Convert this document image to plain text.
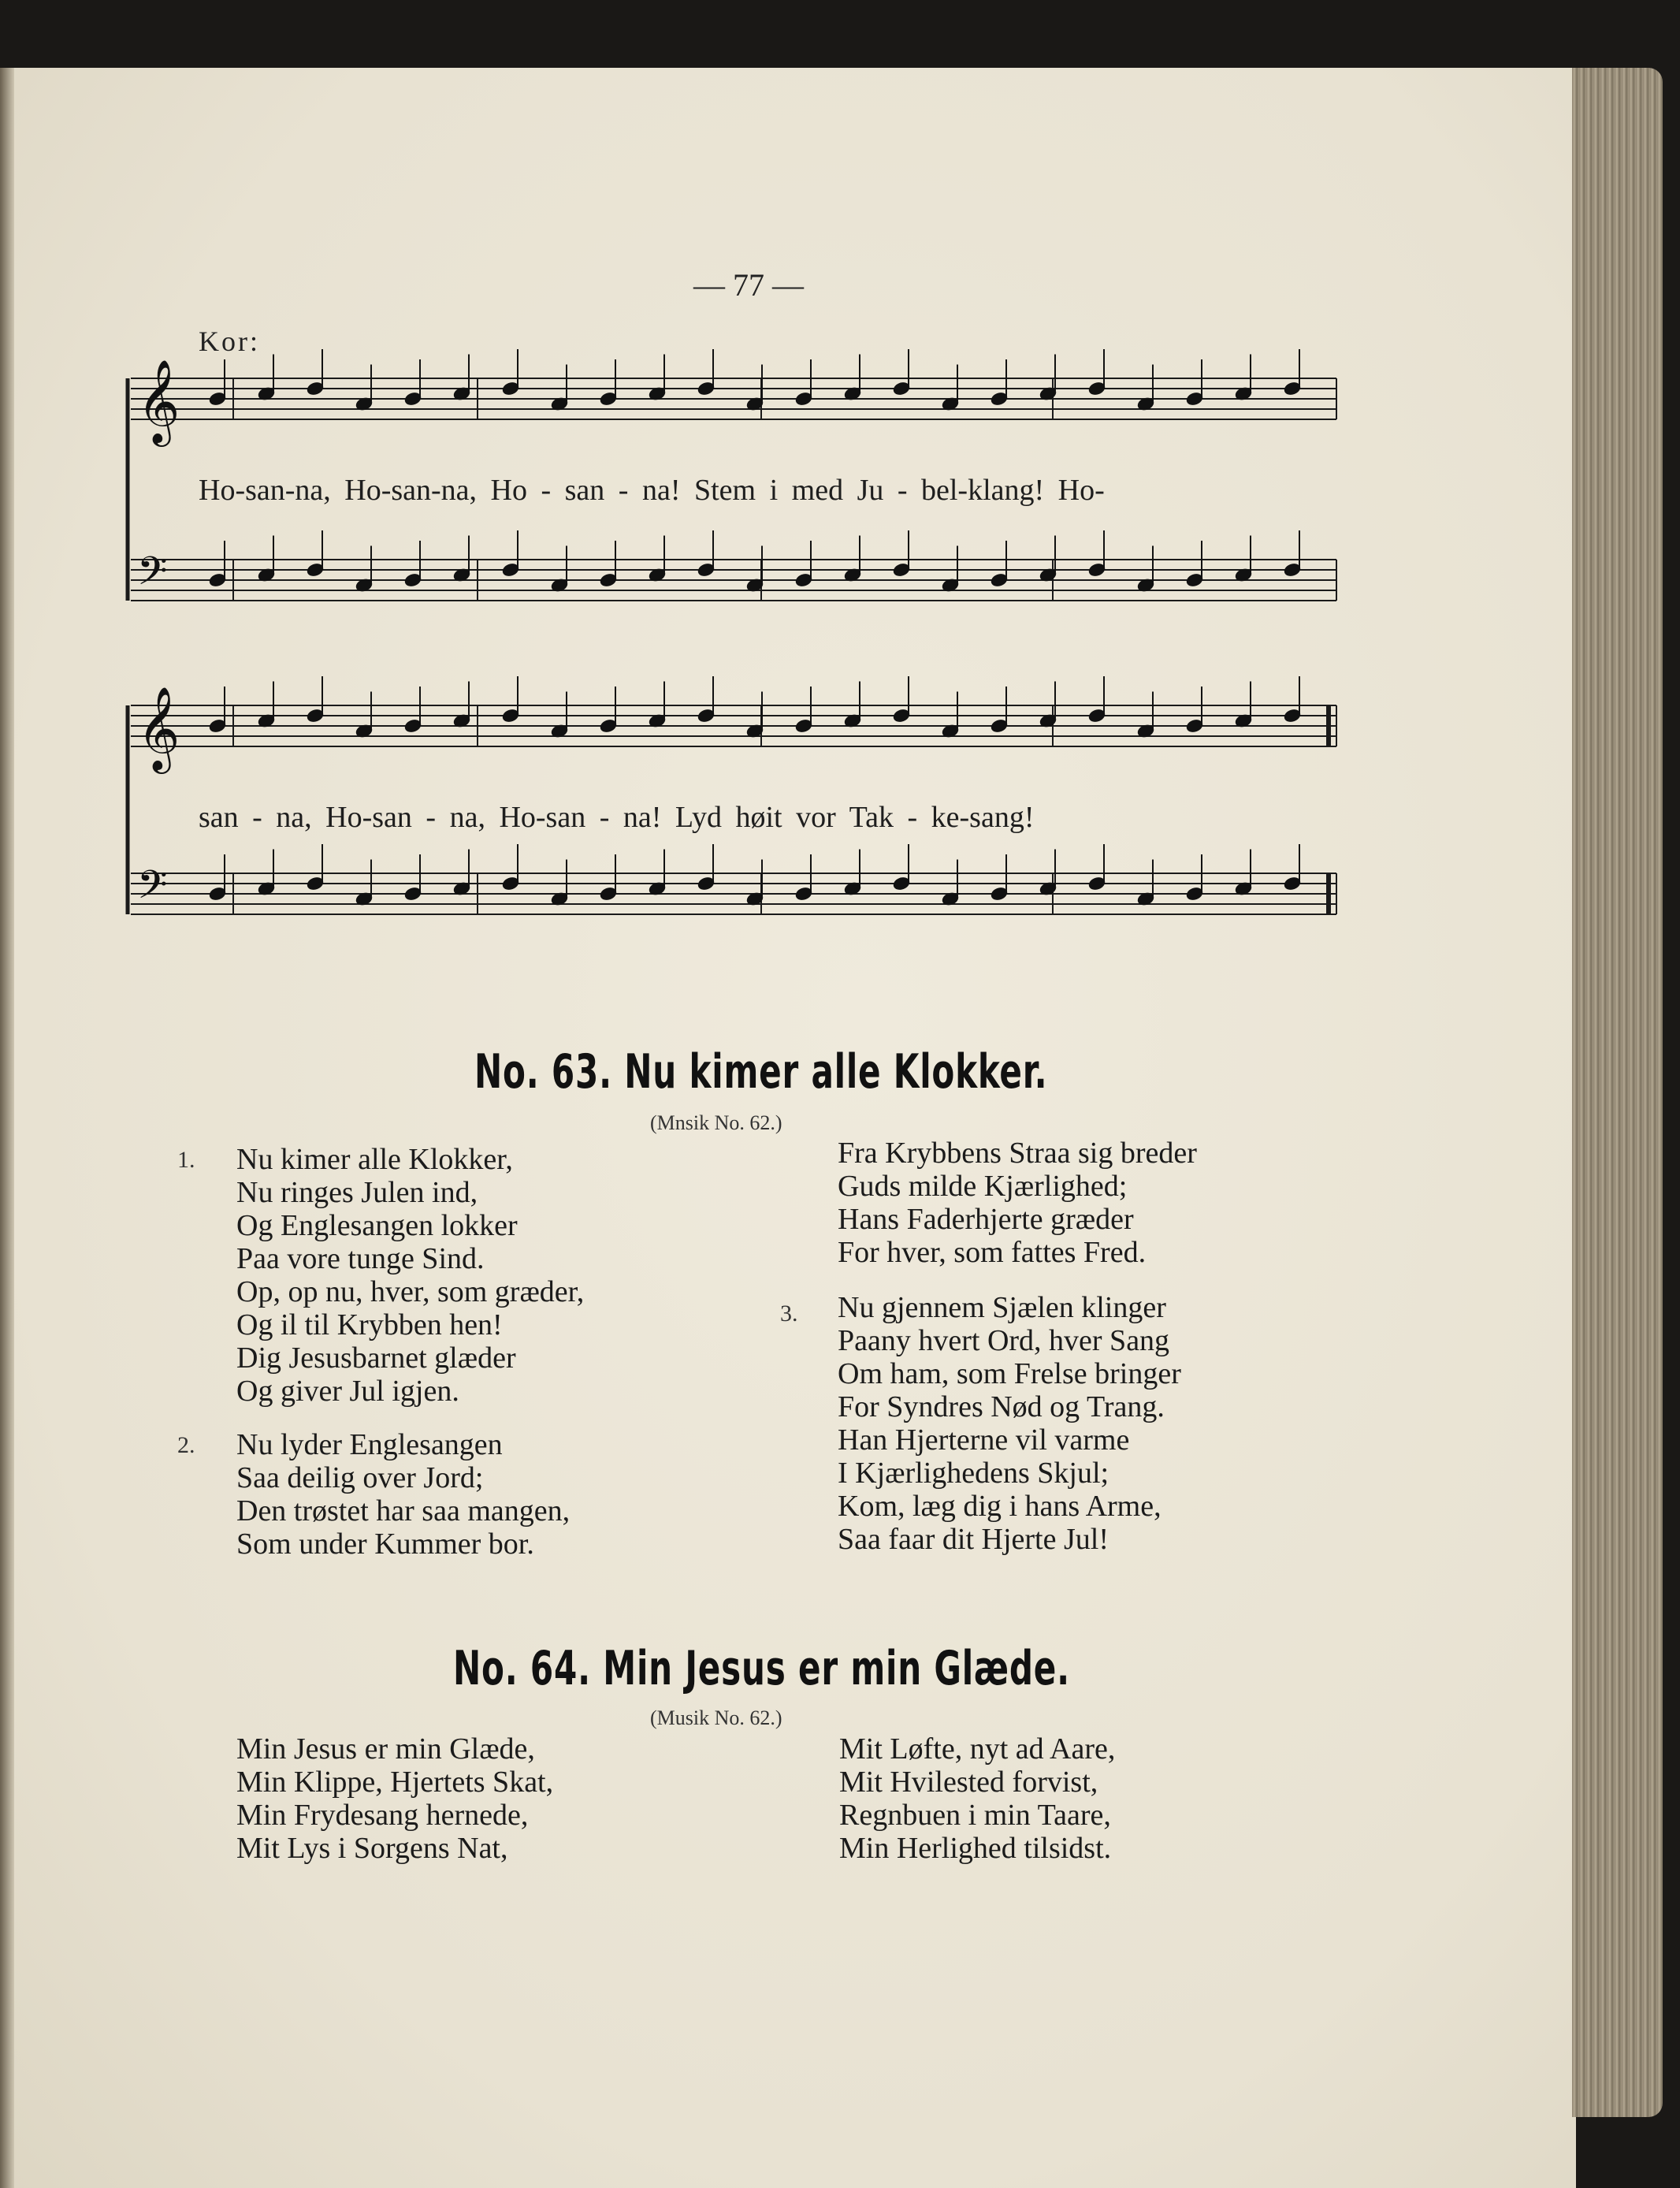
— 77 —
Kor:
𝄞
𝄢
𝄞
𝄢
Ho-san-na, Ho-san-na, Ho - san - na! Stem i med Ju - bel-klang! Ho-
san - na, Ho-san - na, Ho-san - na! Lyd høit vor Tak - ke-sang!
No. 63. Nu kimer alle Klokker.
(Mnsik No. 62.)
1. Nu kimer alle Klokker,
Nu ringes Julen ind,
Og Englesangen lokker
Paa vore tunge Sind.
Op, op nu, hver, som græder,
Og il til Krybben hen!
Dig Jesusbarnet glæder
Og giver Jul igjen.
2. Nu lyder Englesangen
Saa deilig over Jord;
Den trøstet har saa mangen,
Som under Kummer bor.
Fra Krybbens Straa sig breder
Guds milde Kjærlighed;
Hans Faderhjerte græder
For hver, som fattes Fred.
3. Nu gjennem Sjælen klinger
Paany hvert Ord, hver Sang
Om ham, som Frelse bringer
For Syndres Nød og Trang.
Han Hjerterne vil varme
I Kjærlighedens Skjul;
Kom, læg dig i hans Arme,
Saa faar dit Hjerte Jul!
No. 64. Min Jesus er min Glæde.
(Musik No. 62.)
Min Jesus er min Glæde,
Min Klippe, Hjertets Skat,
Min Frydesang hernede,
Mit Lys i Sorgens Nat,
Mit Løfte, nyt ad Aare,
Mit Hvilested forvist,
Regnbuen i min Taare,
Min Herlighed tilsidst.
